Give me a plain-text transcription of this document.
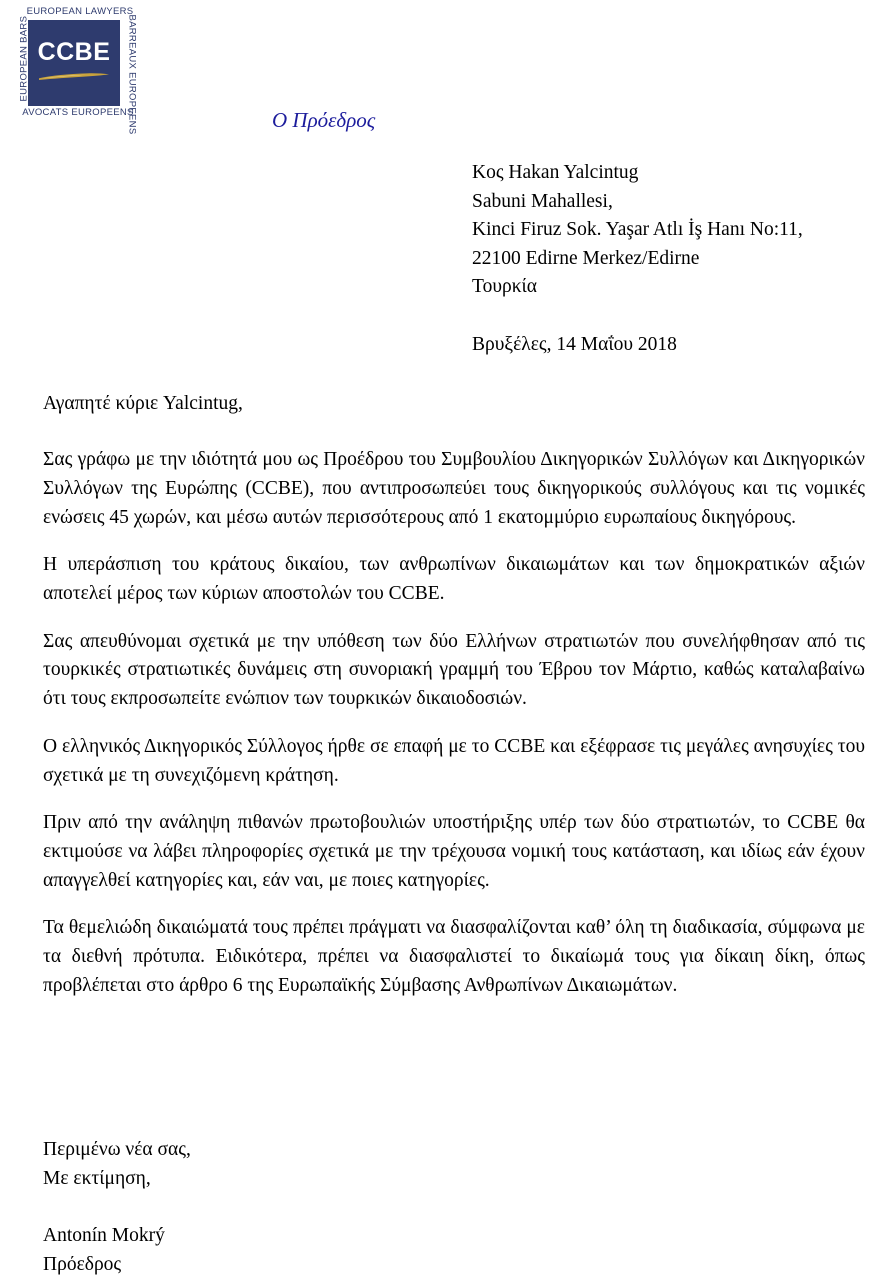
CCBE
EUROPEAN LAWYERS
AVOCATS EUROPEENS
EUROPEAN BARS	BARREAUX EUROPEENS	Ο Πρόεδρος
Κος Hakan Yalcintug
Sabuni Mahallesi,
Kinci Firuz Sok. Yaşar Atlı İş Hanı No:11,
22100 Edirne Merkez/Edirne
Τουρκία
Βρυξέλες, 14 Μαΐου 2018
Αγαπητέ κύριε Yalcintug,

Σας γράφω με την ιδιότητά μου ως Προέδρου του Συμβουλίου Δικηγορικών Συλλόγων και Δικηγορικών Συλλόγων της Ευρώπης (CCBE), που αντιπροσωπεύει τους δικηγορικούς συλλόγους και τις νομικές ενώσεις 45 χωρών, και μέσω αυτών περισσότερους από 1 εκατομμύριο ευρωπαίους δικηγόρους.

Η υπεράσπιση του κράτους δικαίου, των ανθρωπίνων δικαιωμάτων και των δημοκρατικών αξιών αποτελεί μέρος των κύριων αποστολών του CCBE.

Σας απευθύνομαι σχετικά με την υπόθεση των δύο Ελλήνων στρατιωτών που συνελήφθησαν από τις τουρκικές στρατιωτικές δυνάμεις στη συνοριακή γραμμή του Έβρου τον Μάρτιο, καθώς καταλαβαίνω ότι τους εκπροσωπείτε ενώπιον των τουρκικών δικαιοδοσιών.

Ο ελληνικός Δικηγορικός Σύλλογος ήρθε σε επαφή με το CCBE και εξέφρασε τις μεγάλες ανησυχίες του σχετικά με τη συνεχιζόμενη κράτηση.

Πριν από την ανάληψη πιθανών πρωτοβουλιών υποστήριξης υπέρ των δύο στρατιωτών, το CCBE θα εκτιμούσε να λάβει πληροφορίες σχετικά με την τρέχουσα νομική τους κατάσταση, και ιδίως εάν έχουν απαγγελθεί κατηγορίες και, εάν ναι, με ποιες κατηγορίες.

Τα θεμελιώδη δικαιώματά τους πρέπει πράγματι να διασφαλίζονται καθ’ όλη τη διαδικασία, σύμφωνα με τα διεθνή πρότυπα. Ειδικότερα, πρέπει να διασφαλιστεί το δικαίωμά τους για δίκαιη δίκη, όπως προβλέπεται στο άρθρο 6 της Ευρωπαϊκής Σύμβασης Ανθρωπίνων Δικαιωμάτων.

Περιμένω νέα σας,
Με εκτίμηση,
Antonín Mokrý
Πρόεδρος
